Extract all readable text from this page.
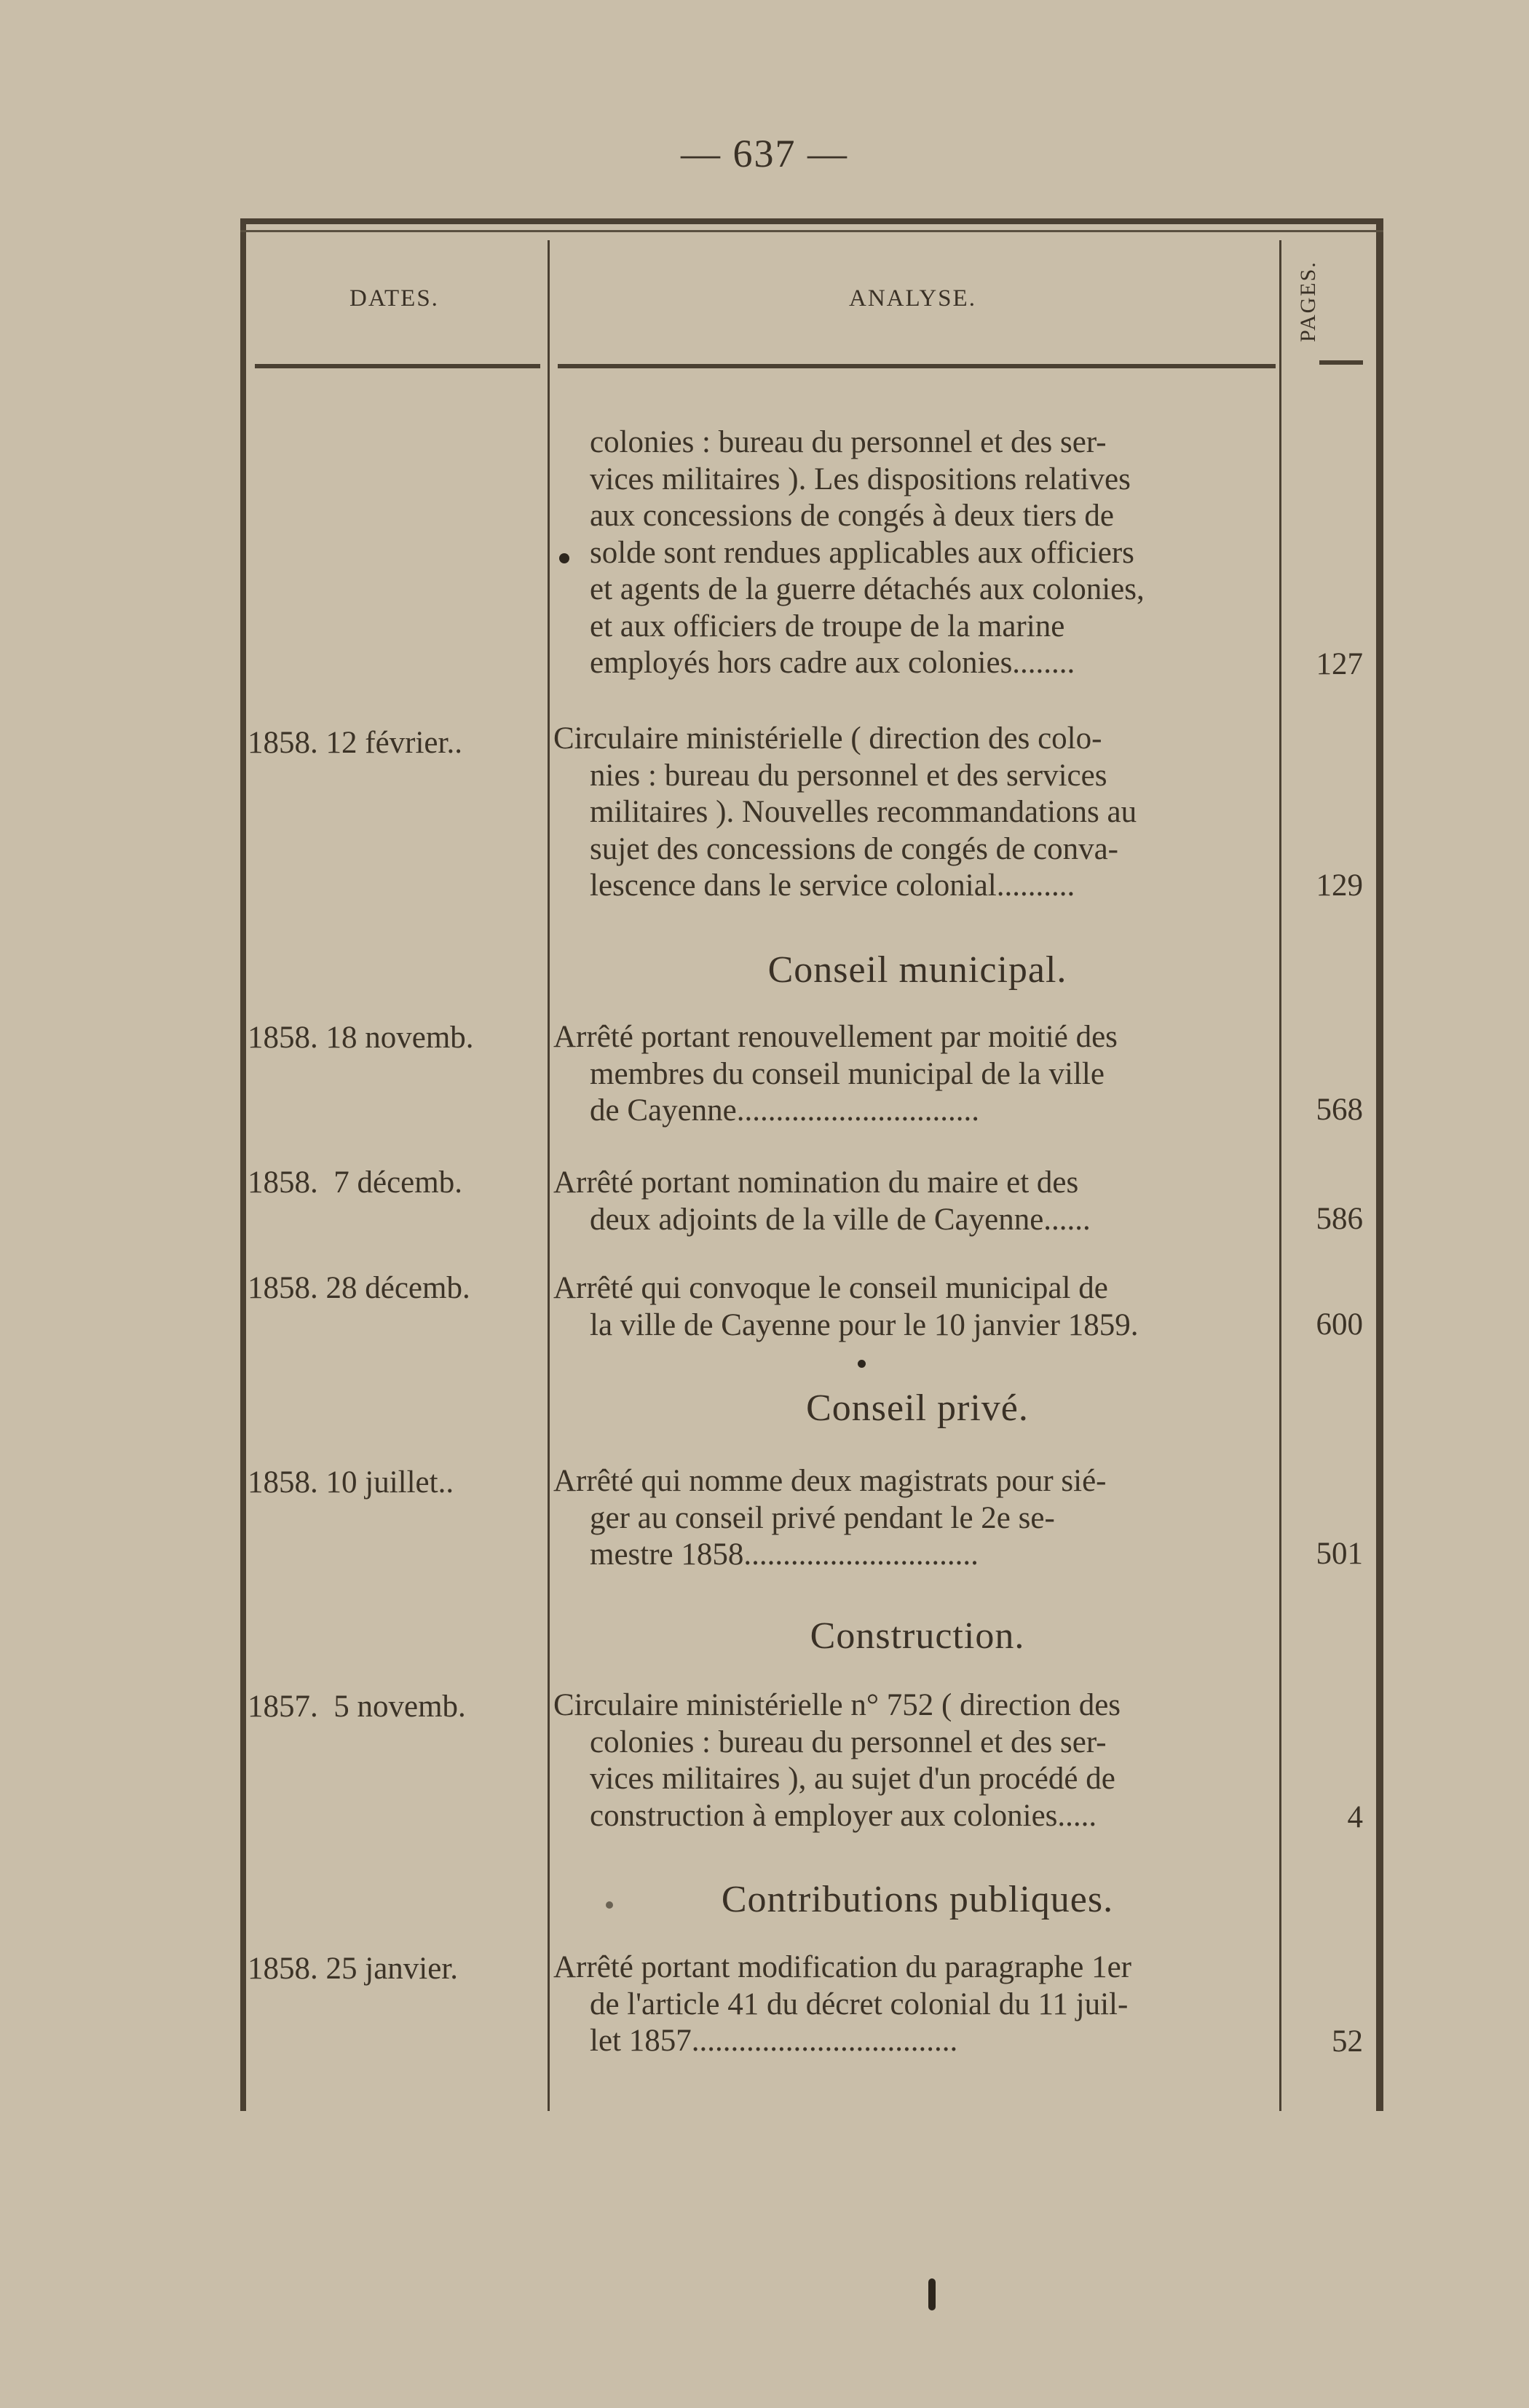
— 637 —
DATES.	ANALYSE.	PAGES.
colonies : bureau du personnel et des ser-
vices militaires ). Les dispositions relatives
aux concessions de congés à deux tiers de
solde sont rendues applicables aux officiers
et agents de la guerre détachés aux colonies,
et aux officiers de troupe de la marine
employés hors cadre aux colonies........	127
1858. 12 février..	Circulaire ministérielle ( direction des colo-
nies : bureau du personnel et des services
militaires ). Nouvelles recommandations au
sujet des concessions de congés de conva-
lescence dans le service colonial..........	129
Conseil municipal.
1858. 18 novemb.	Arrêté portant renouvellement par moitié des
membres du conseil municipal de la ville
de Cayenne...............................	568
1858.  7 décemb.	Arrêté portant nomination du maire et des
deux adjoints de la ville de Cayenne......	586
1858. 28 décemb.	Arrêté qui convoque le conseil municipal de
la ville de Cayenne pour le 10 janvier 1859.	600
Conseil privé.
1858. 10 juillet..	Arrêté qui nomme deux magistrats pour sié-
ger au conseil privé pendant le 2e se-
mestre 1858..............................	501
Construction.
1857.  5 novemb.	Circulaire ministérielle n° 752 ( direction des
colonies : bureau du personnel et des ser-
vices militaires ), au sujet d'un procédé de
construction à employer aux colonies.....	4
Contributions publiques.
1858. 25 janvier.	Arrêté portant modification du paragraphe 1er
de l'article 41 du décret colonial du 11 juil-
let 1857..................................	52
